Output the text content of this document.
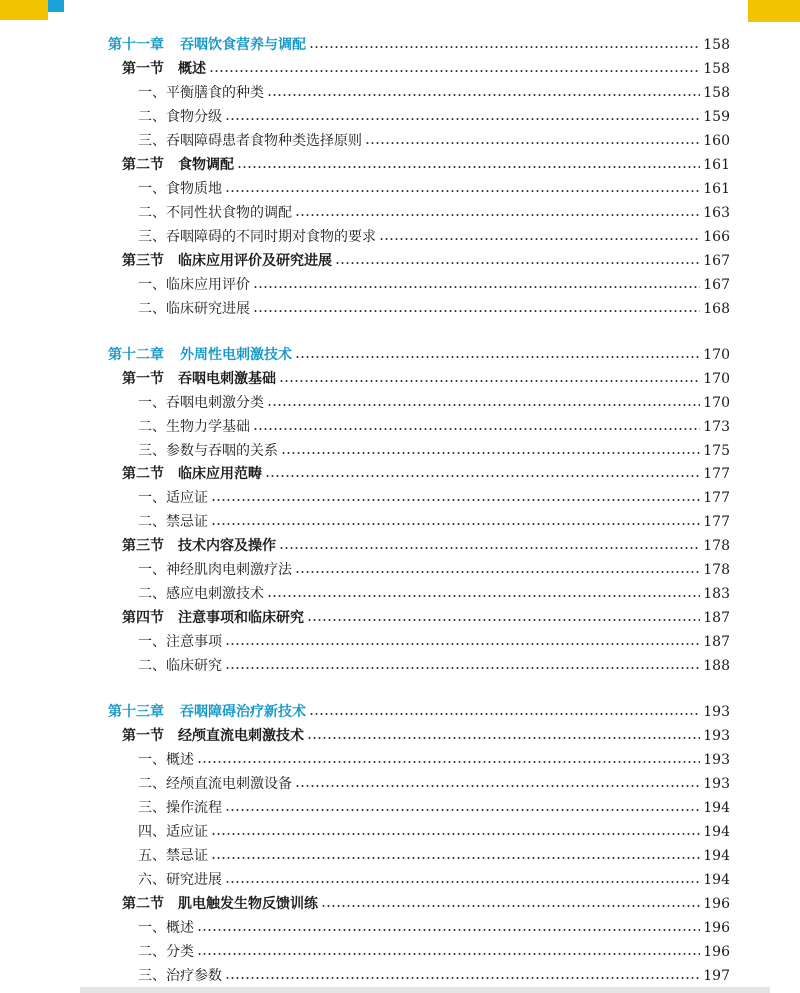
第十一章 吞咽饮食营养与调配	158
第一节 概述	158
一、平衡膳食的种类	158
二、食物分级	159
三、吞咽障碍患者食物种类选择原则	160
第二节 食物调配	161
一、食物质地	161
二、不同性状食物的调配	163
三、吞咽障碍的不同时期对食物的要求	166
第三节 临床应用评价及研究进展	167
一、临床应用评价	167
二、临床研究进展	168
第十二章 外周性电刺激技术	170
第一节 吞咽电刺激基础	170
一、吞咽电刺激分类	170
二、生物力学基础	173
三、参数与吞咽的关系	175
第二节 临床应用范畴	177
一、适应证	177
二、禁忌证	177
第三节 技术内容及操作	178
一、神经肌肉电刺激疗法	178
二、感应电刺激技术	183
第四节 注意事项和临床研究	187
一、注意事项	187
二、临床研究	188
第十三章 吞咽障碍治疗新技术	193
第一节 经颅直流电刺激技术	193
一、概述	193
二、经颅直流电刺激设备	193
三、操作流程	194
四、适应证	194
五、禁忌证	194
六、研究进展	194
第二节 肌电触发生物反馈训练	196
一、概述	196
二、分类	196
三、治疗参数	197
